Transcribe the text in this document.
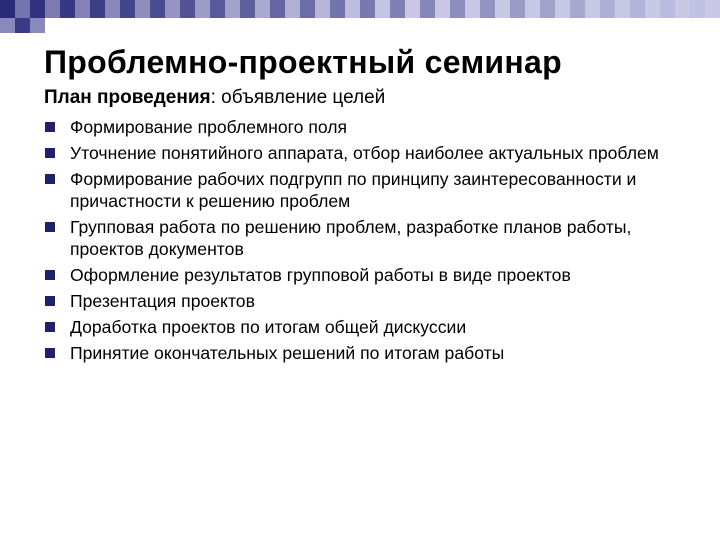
Проблемно-проектный семинар
План проведения: объявление целей
Формирование проблемного поля
Уточнение понятийного аппарата, отбор наиболее актуальных проблем
Формирование рабочих подгрупп по принципу заинтересованности и причастности к решению проблем
Групповая работа по решению проблем, разработке планов работы, проектов документов
Оформление результатов групповой работы в виде проектов
Презентация проектов
Доработка проектов по итогам общей дискуссии
Принятие окончательных решений по итогам работы
